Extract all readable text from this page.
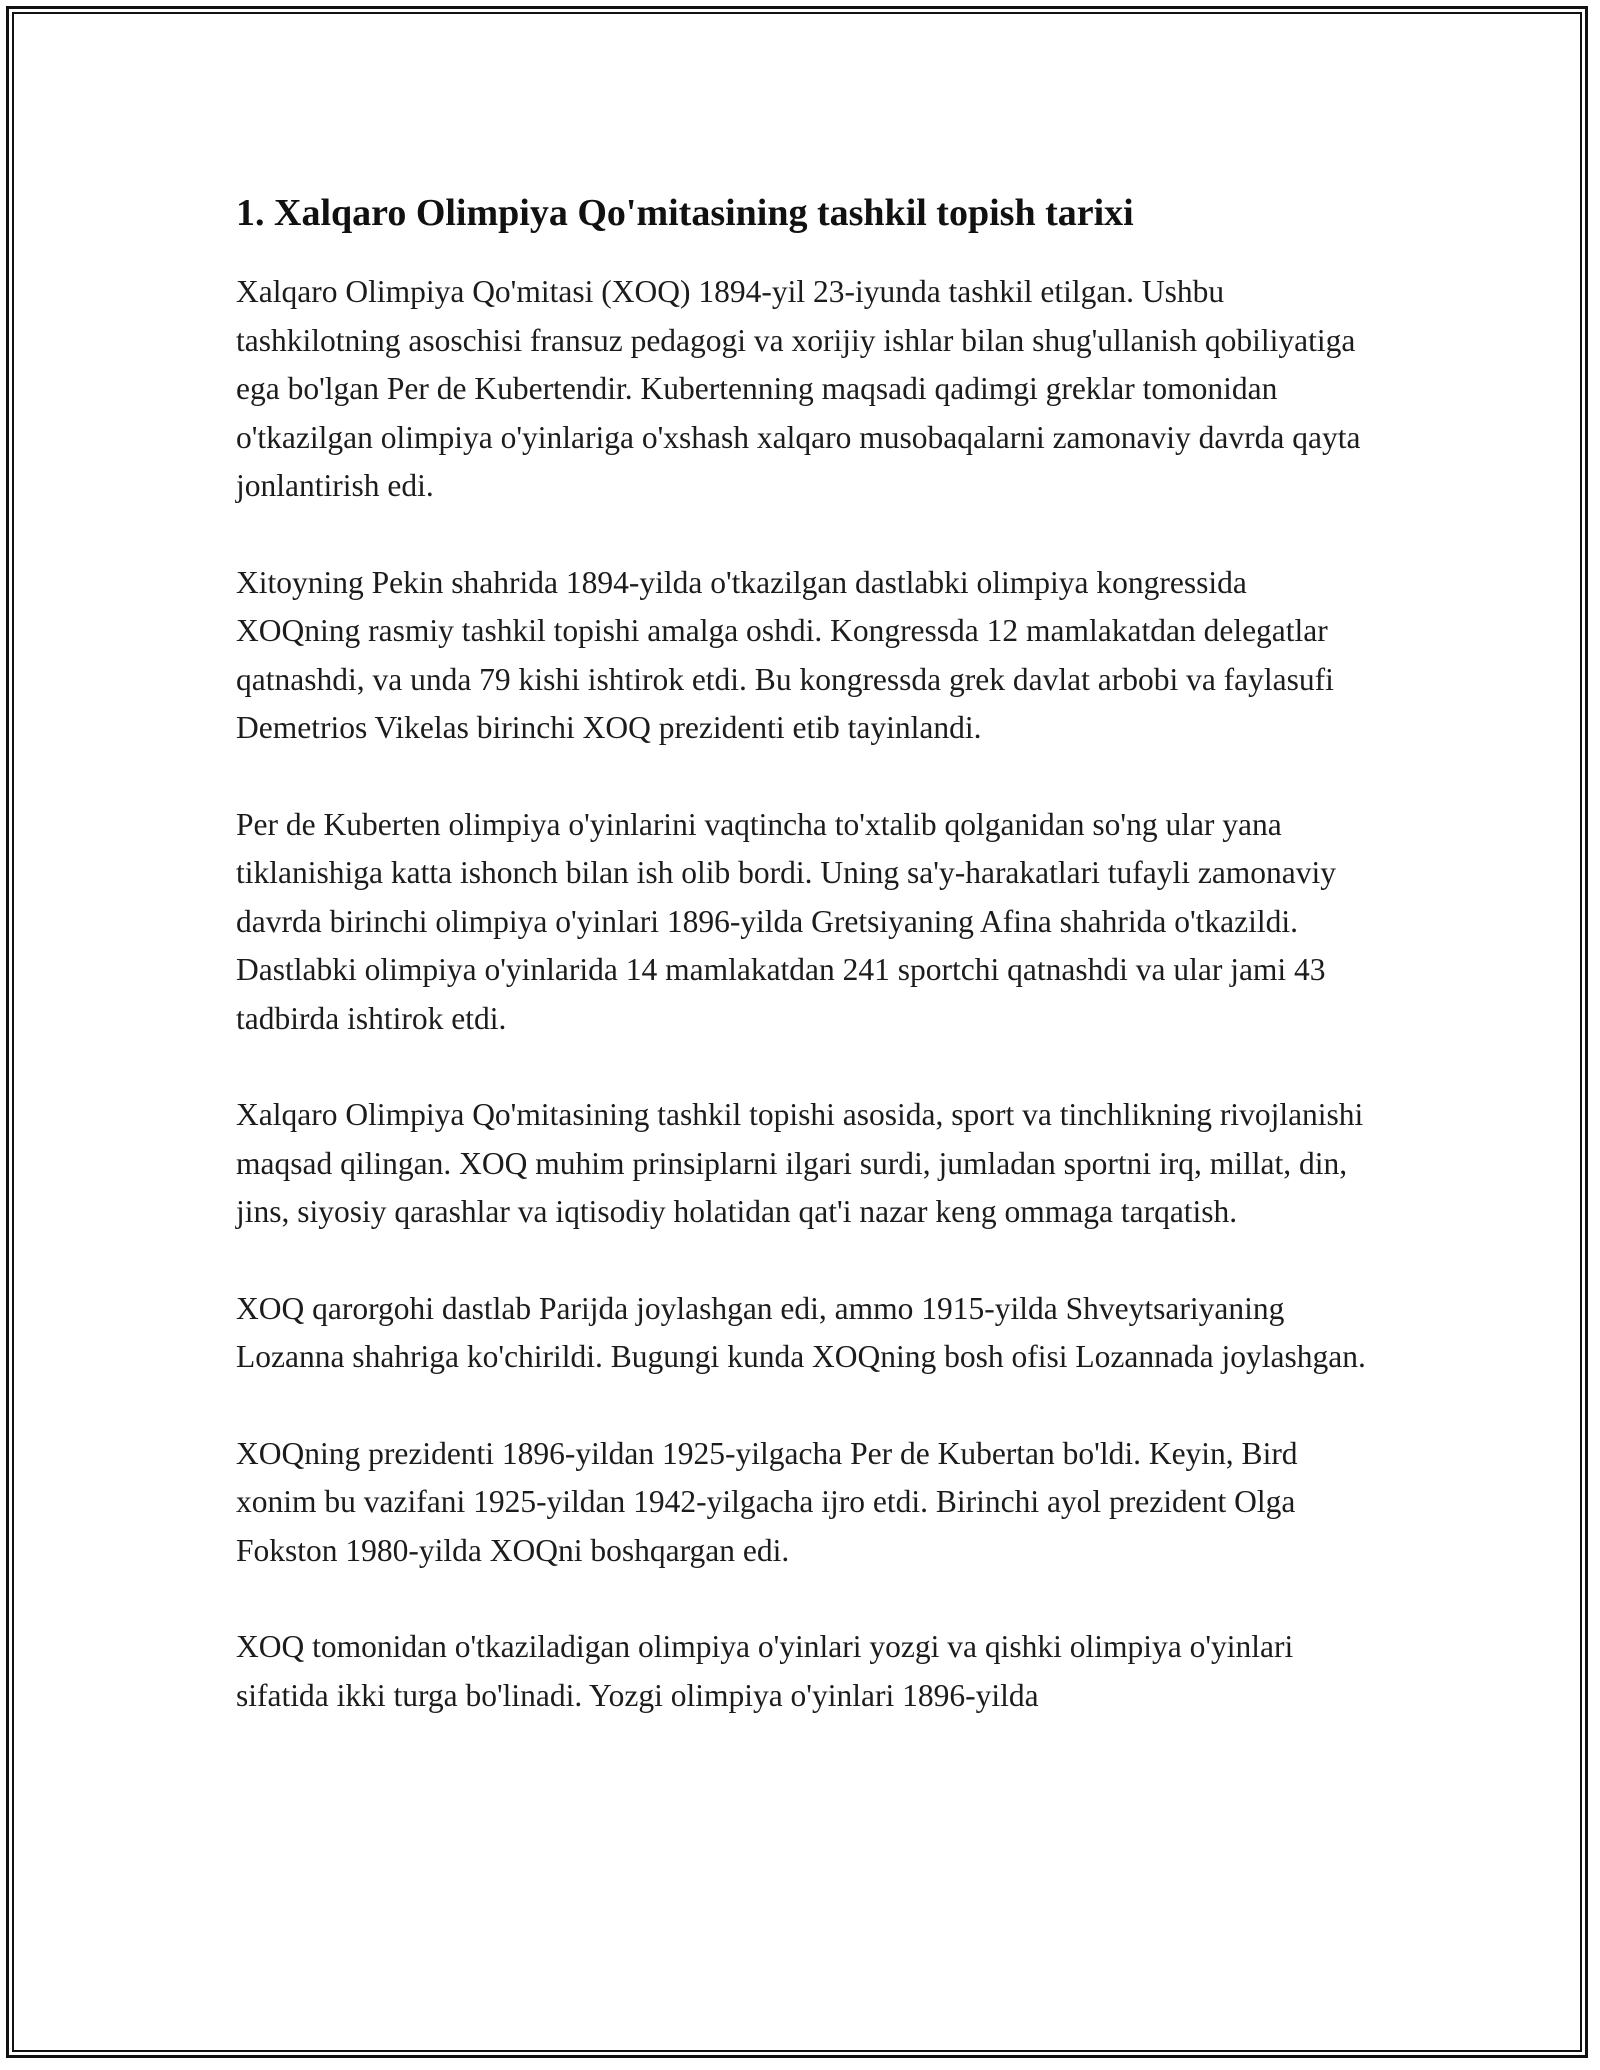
1. Xalqaro Olimpiya Qo'mitasining tashkil topish tarixi

Xalqaro Olimpiya Qo'mitasi (XOQ) 1894-yil 23-iyunda tashkil etilgan. Ushbu tashkilotning asoschisi fransuz pedagogi va xorijiy ishlar bilan shug'ullanish qobiliyatiga ega bo'lgan Per de Kubertendir. Kubertenning maqsadi qadimgi greklar tomonidan o'tkazilgan olimpiya o'yinlariga o'xshash xalqaro musobaqalarni zamonaviy davrda qayta jonlantirish edi.

Xitoyning Pekin shahrida 1894-yilda o'tkazilgan dastlabki olimpiya kongressida XOQning rasmiy tashkil topishi amalga oshdi. Kongressda 12 mamlakatdan delegatlar qatnashdi, va unda 79 kishi ishtirok etdi. Bu kongressda grek davlat arbobi va faylasufi Demetrios Vikelas birinchi XOQ prezidenti etib tayinlandi.

Per de Kuberten olimpiya o'yinlarini vaqtincha to'xtalib qolganidan so'ng ular yana tiklanishiga katta ishonch bilan ish olib bordi. Uning sa'y-harakatlari tufayli zamonaviy davrda birinchi olimpiya o'yinlari 1896-yilda Gretsiyaning Afina shahrida o'tkazildi. Dastlabki olimpiya o'yinlarida 14 mamlakatdan 241 sportchi qatnashdi va ular jami 43 tadbirda ishtirok etdi.

Xalqaro Olimpiya Qo'mitasining tashkil topishi asosida, sport va tinchlikning rivojlanishi maqsad qilingan. XOQ muhim prinsiplarni ilgari surdi, jumladan sportni irq, millat, din, jins, siyosiy qarashlar va iqtisodiy holatidan qat'i nazar keng ommaga tarqatish.

XOQ qarorgohi dastlab Parijda joylashgan edi, ammo 1915-yilda Shveytsariyaning Lozanna shahriga ko'chirildi. Bugungi kunda XOQning bosh ofisi Lozannada joylashgan.

XOQning prezidenti 1896-yildan 1925-yilgacha Per de Kubertan bo'ldi. Keyin, Bird xonim bu vazifani 1925-yildan 1942-yilgacha ijro etdi. Birinchi ayol prezident Olga Fokston 1980-yilda XOQni boshqargan edi.

XOQ tomonidan o'tkaziladigan olimpiya o'yinlari yozgi va qishki olimpiya o'yinlari sifatida ikki turga bo'linadi. Yozgi olimpiya o'yinlari 1896-yilda
